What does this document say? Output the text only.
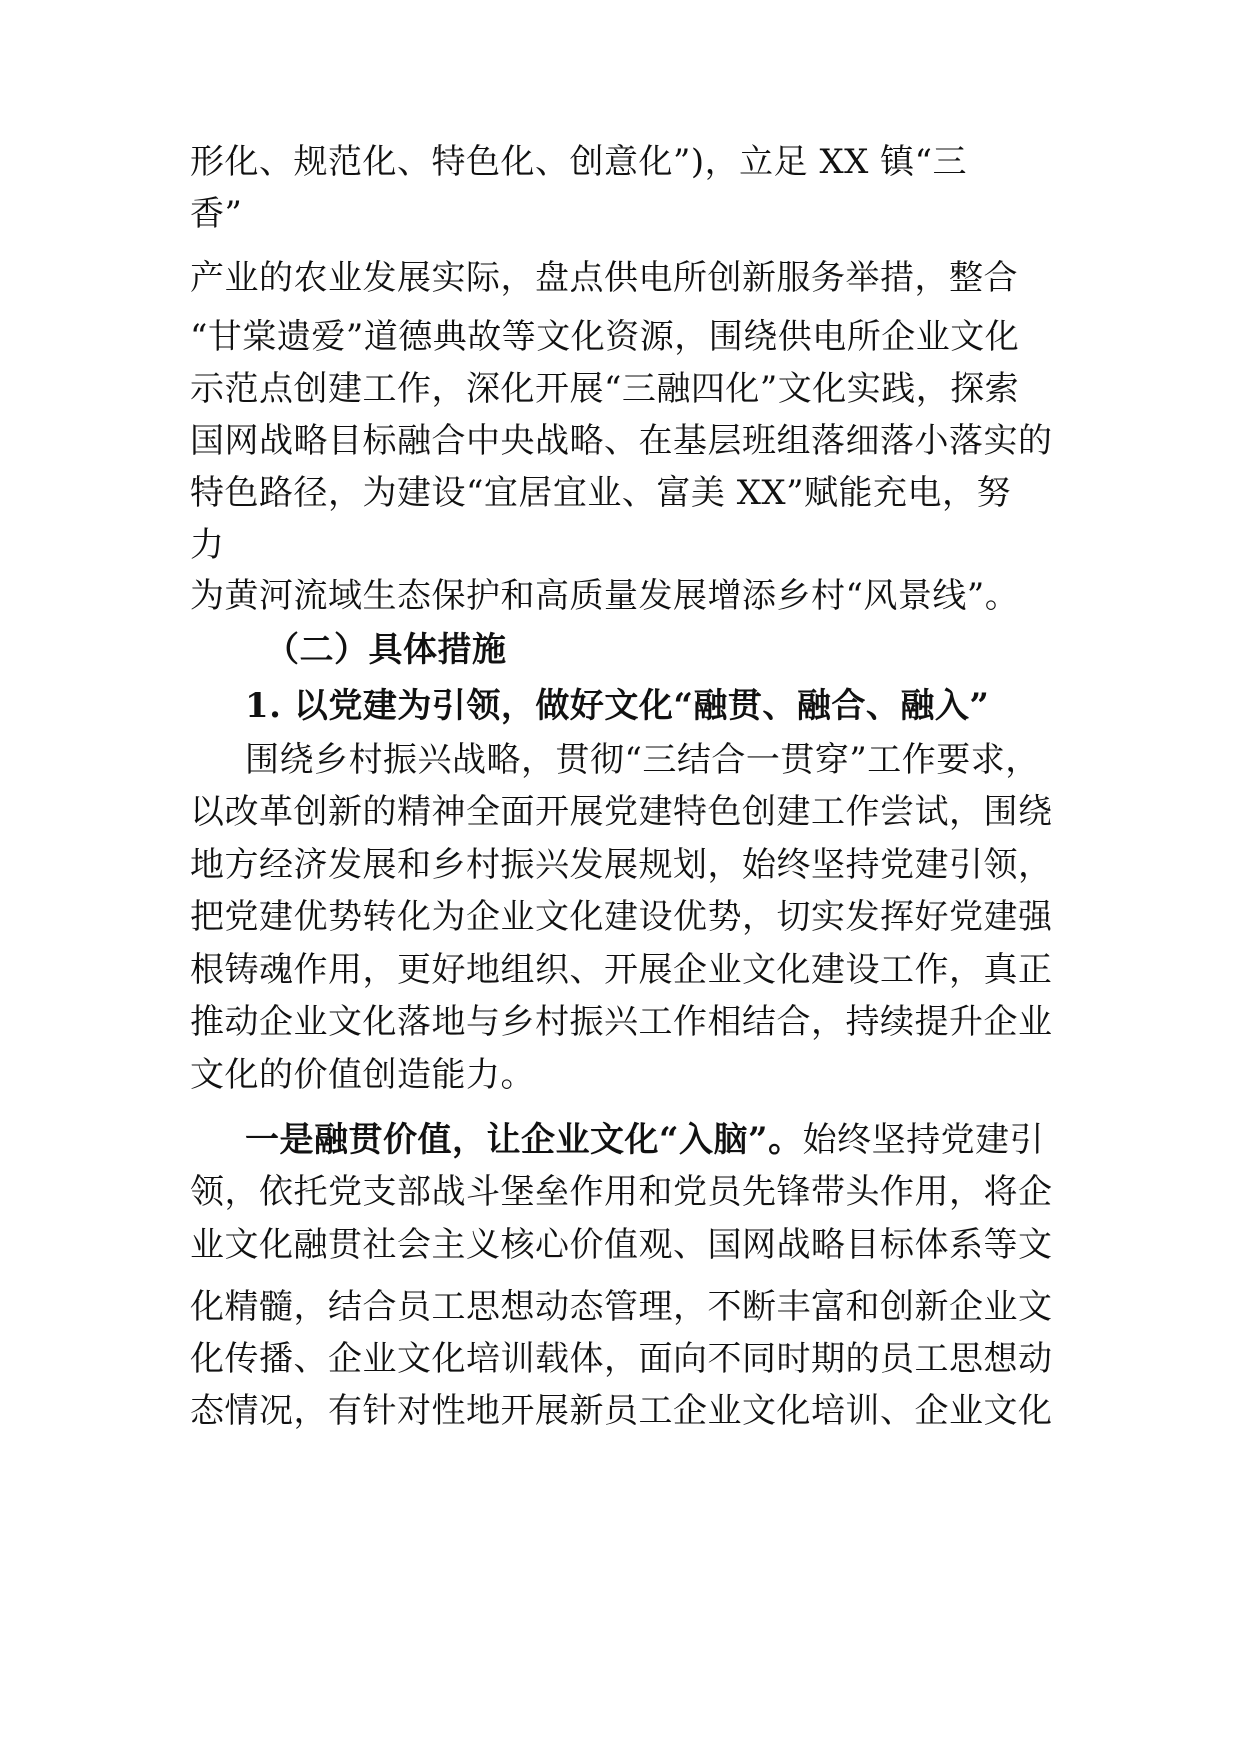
形化、规范化、特色化、创意化”)，立足 XX 镇“三
香”
产业的农业发展实际，盘点供电所创新服务举措，整合
“甘棠遗爱”道德典故等文化资源，围绕供电所企业文化
示范点创建工作，深化开展“三融四化”文化实践，探索
国网战略目标融合中央战略、在基层班组落细落小落实的
特色路径，为建设“宜居宜业、富美 XX”赋能充电，努
力
为黄河流域生态保护和高质量发展增添乡村“风景线”。
（二）具体措施
1. 以党建为引领，做好文化“融贯、融合、融入”
围绕乡村振兴战略，贯彻“三结合一贯穿”工作要求，
以改革创新的精神全面开展党建特色创建工作尝试，围绕
地方经济发展和乡村振兴发展规划，始终坚持党建引领，
把党建优势转化为企业文化建设优势，切实发挥好党建强
根铸魂作用，更好地组织、开展企业文化建设工作，真正
推动企业文化落地与乡村振兴工作相结合，持续提升企业
文化的价值创造能力。
一是融贯价值，让企业文化“入脑”。始终坚持党建引
领，依托党支部战斗堡垒作用和党员先锋带头作用，将企
业文化融贯社会主义核心价值观、国网战略目标体系等文
化精髓，结合员工思想动态管理，不断丰富和创新企业文
化传播、企业文化培训载体，面向不同时期的员工思想动
态情况，有针对性地开展新员工企业文化培训、企业文化
